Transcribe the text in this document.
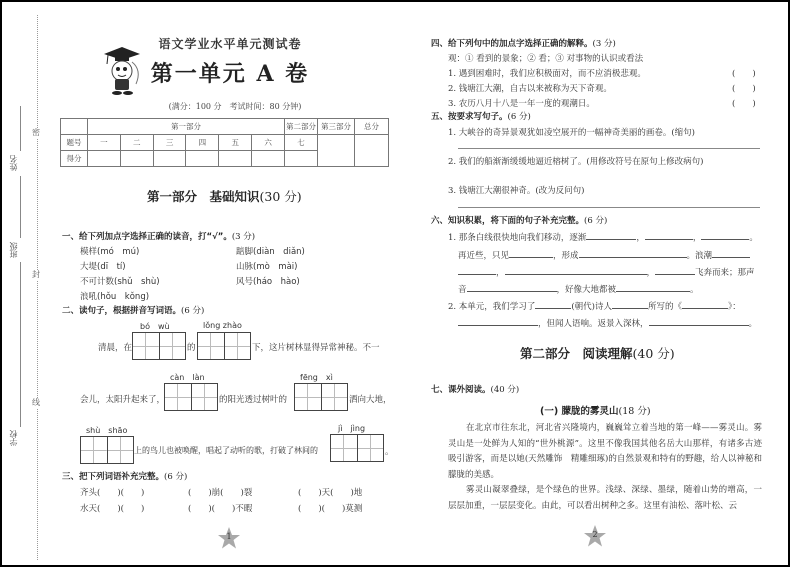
密
封
线
姓名
班级
学校
语文学业水平单元测试卷
第一单元 A 卷
(满分：100 分　考试时间：80 分钟)
	第一部分						第二部分	第三部分	总分
题号	一	二	三	四	五	六	七		
得分									
第一部分　基础知识(30 分)
一、给下列加点字选择正确的读音，打“√”。(3 分)
模样(mó　mú)	踮脚(diàn　diǎn)
大堤(dī　tí)	山脉(mò　mài)
不可计数(shǔ　shù)	风号(háo　hào)
浪吼(hǒu　kǒng)
二、读句子，根据拼音写词语。(6 分)
bó　wù	lǒng zhào
清晨，在	的	下，这片树林显得异常神秘。不一
càn　làn	fēng　xì
会儿，太阳升起来了，	的阳光透过树叶的	洒向大地，
shù　shāo	jì　jìng
上的鸟儿也被唤醒，唱起了动听的歌，打破了林间的	。
三、把下列词语补充完整。(6 分)
齐头(　　)(　　)	(　　)崩(　　)裂	(　　)天(　　)地
水天(　　)(　　)	(　　)(　　)不暇	(　　)(　　)莫测
1
四、给下列句中的加点字选择正确的解释。(3 分)
观：① 看到的景象；② 看；③ 对事物的认识或看法
1. 遇到困难时，我们应积极面对，而不应消极悲观。	(　　)
2. 钱塘江大潮，自古以来被称为天下奇观。	(　　)
3. 农历八月十八是一年一度的观潮日。	(　　)
五、按要求写句子。(6 分)
1. 大峡谷的奇异景观犹如凌空展开的一幅神奇美丽的画卷。(缩句)
2. 我们的船渐渐缓缓地逼近榕树了。(用修改符号在原句上修改病句)
3. 钱塘江大潮很神奇。(改为反问句)
六、知识积累，将下面的句子补充完整。(6 分)
1. 那条白线很快地向我们移动，逐渐	，	，	。
再近些，只见	，形成	。浪潮
，	，	飞奔而来；那声
音	，好像大地都被	。
2. 本单元，我们学习了	(朝代)诗人	所写的《	》：
，但闻人语响。返景入深林，	。
第二部分　阅读理解(40 分)
七、课外阅读。(40 分)
(一) 朦胧的雾灵山(18 分)
在北京市往东北，河北省兴隆境内，巍巍耸立着当地的第一峰——雾灵山。雾灵山是一处鲜为人知的“世外桃源”。这里不像我国其他名岳大山那样，有诸多古迹吸引游客，而是以她(天然雕饰　精雕细琢)的自然景观和特有的野趣，给人以神秘和朦胧的美感。
雾灵山凝翠叠绿，是个绿色的世界。浅绿、深绿、墨绿，随着山势的增高，一层层加重，一层层变化。由此，可以看出树种之多。这里有油松、落叶松、云
2
